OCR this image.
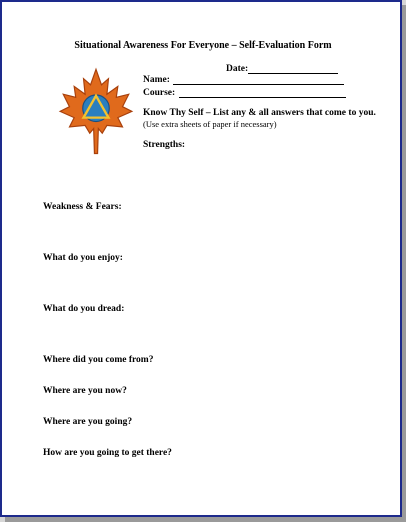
Situational Awareness For Everyone – Self-Evaluation Form
Date:
Name:
Course:
Know Thy Self – List any & all answers that come to you.
(Use extra sheets of paper if necessary)
Strengths:
Weakness & Fears:
What do you enjoy:
What do you dread:
Where did you come from?
Where are you now?
Where are you going?
How are you going to get there?
